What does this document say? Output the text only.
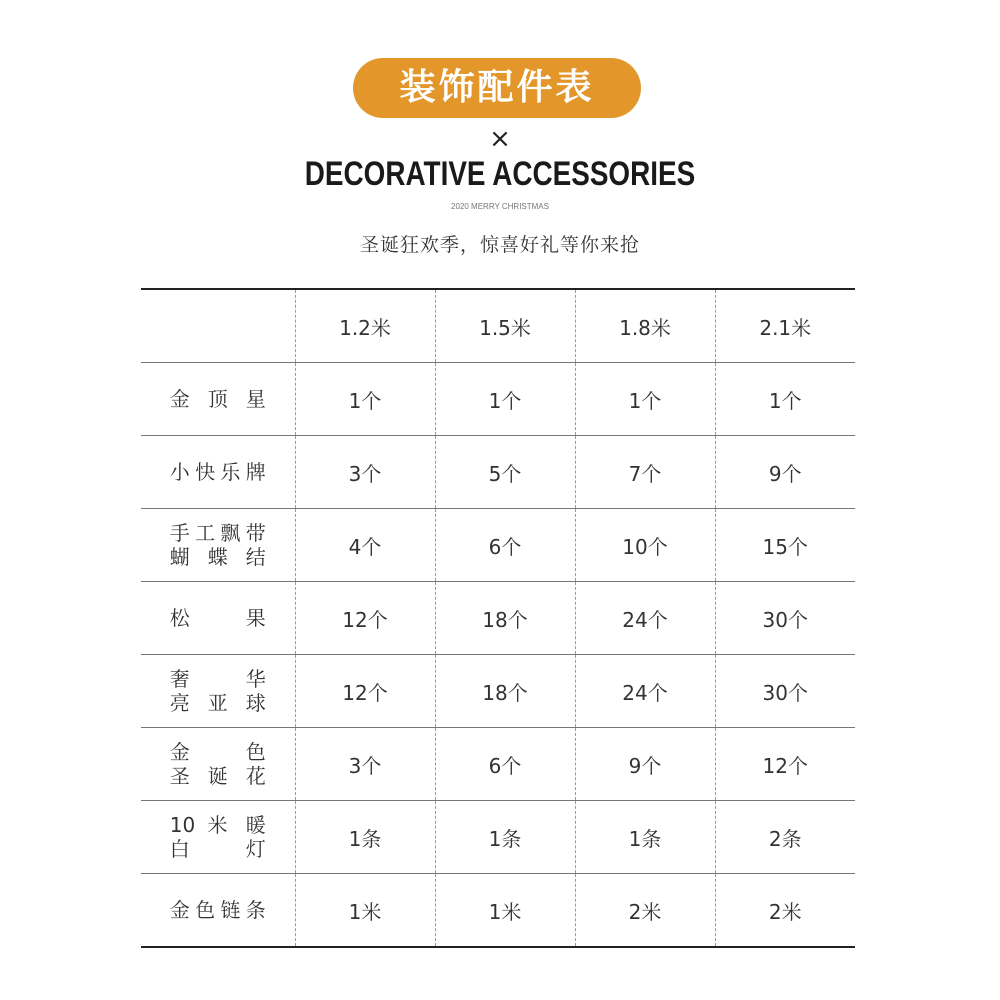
装饰配件表
×
DECORATIVE ACCESSORIES
2020 MERRY CHRISTMAS
圣诞狂欢季，惊喜好礼等你来抢
	1.2米	1.5米	1.8米	2.1米

金 顶 星	1个	1个	1个	1个

小快乐牌	3个	5个	7个	9个

手工飘带
蝴 蝶 结	4个	6个	10个	15个

松 果	12个	18个	24个	30个

奢 华
亮 亚 球	12个	18个	24个	30个

金 色
圣 诞 花	3个	6个	9个	12个

10 米 暖
白 灯	1条	1条	1条	2条

金色链条	1米	1米	2米	2米
